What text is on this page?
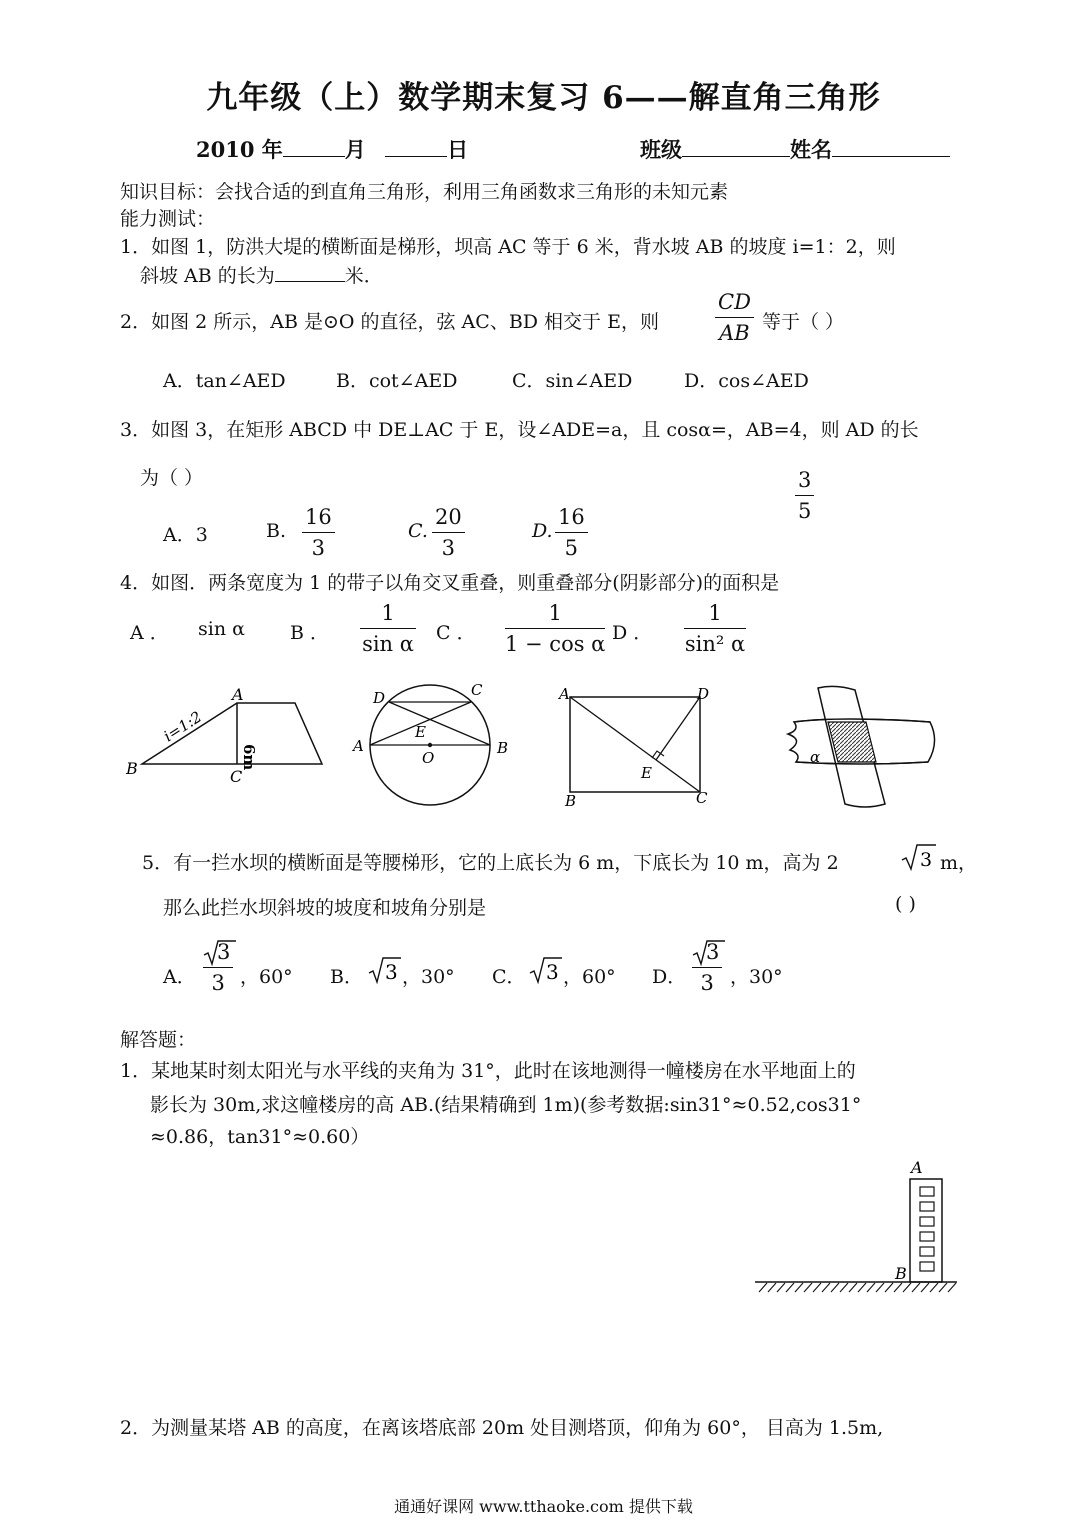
九年级（上）数学期末复习 6——解直角三角形
2010 年	月	日	班级	姓名
知识目标：会找合适的到直角三角形，利用三角函数求三角形的未知元素
能力测试：
1．如图 1，防洪大堤的横断面是梯形，坝高 AC 等于 6 米，背水坡 AB 的坡度 i=1：2，则
斜坡 AB 的长为	米．
2．如图 2 所示，AB 是⊙O 的直径，弦 AC、BD 相交于 E，则	$\frac{CD}{AB}$ 等于（ ）
A．tan∠AED	B．cot∠AED	C．sin∠AED	D．cos∠AED
3．如图 3，在矩形 ABCD 中 DE⊥AC 于 E，设∠ADE=a，且 cosα=，AB=4，则 AD 的长
为（ ）	$\frac{3}{5}$
A．3	B. $\frac{16}{3}$	C. $\frac{20}{3}$	D. $\frac{16}{5}$
4．如图．两条宽度为 1 的带子以角交叉重叠，则重叠部分(阴影部分)的面积是
A ． sin α B ． $\frac{1}{\text{sin α}}$ C ． $\frac{1}{\text{1 − cos α}}$ D ． $\frac{1}{\text{sin² α}}$
i=1:2
6m
A
B	C
D	C
A	B
E
O
A	D
B	C
E
α
5．有一拦水坝的横断面是等腰梯形，它的上底长为 6 m，下底长为 10 m，高为 2	3 m，
那么此拦水坝斜坡的坡度和坡角分别是	( )
A． $\frac{3}{3}$ ，60° B． 3 ，30° C． 3 ，60° D． $\frac{3}{3}$ ，30°
解答题：
1．某地某时刻太阳光与水平线的夹角为 31°，此时在该地测得一幢楼房在水平地面上的
影长为 30m,求这幢楼房的高 AB.(结果精确到 1m)(参考数据:sin31°≈0.52,cos31°
≈0.86，tan31°≈0.60）
A
B
2．为测量某塔 AB 的高度，在离该塔底部 20m 处目测塔顶，仰角为 60°， 目高为 1.5m,
通通好课网 www.tthaoke.com 提供下载
